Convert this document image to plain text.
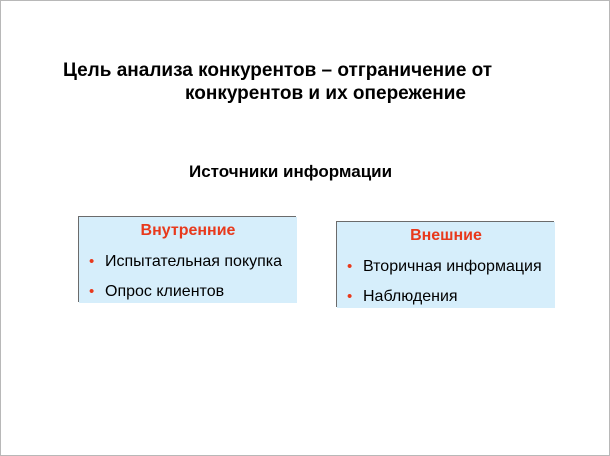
Цель анализа конкурентов – отграничение от
конкурентов и их опережение
Источники информации
Внутренние
• Испытательная покупка
• Опрос клиентов
Внешние
• Вторичная информация
• Наблюдения
